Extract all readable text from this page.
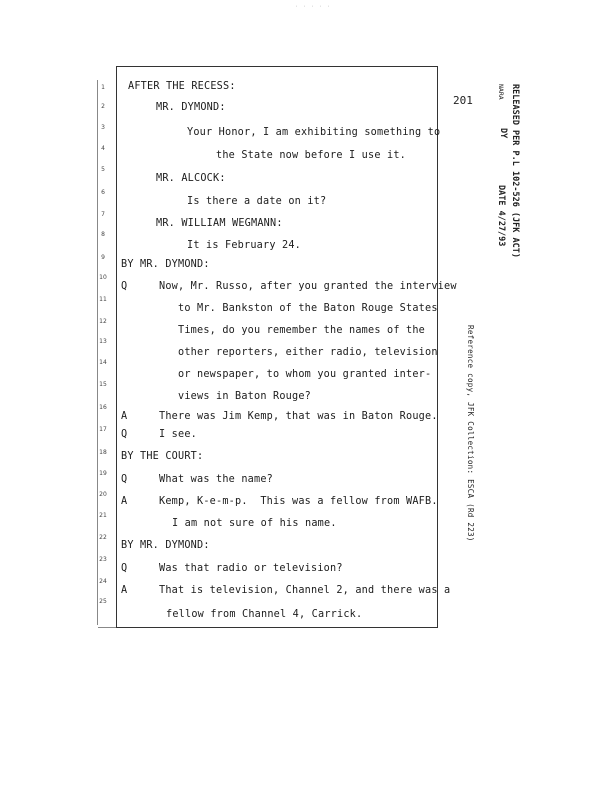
· · · · ·
201
1
2
3
4
5
6
7
8
9
10
11
12
13
14
15
16
17
18
19
20
21
22
23
24
25
AFTER THE RECESS:
MR. DYMOND:
Your Honor, I am exhibiting something to
the State now before I use it.
MR. ALCOCK:
Is there a date on it?
MR. WILLIAM WEGMANN:
It is February 24.
BY MR. DYMOND:
Q     Now, Mr. Russo, after you granted the interview
to Mr. Bankston of the Baton Rouge States
Times, do you remember the names of the
other reporters, either radio, television
or newspaper, to whom you granted inter-
views in Baton Rouge?
A     There was Jim Kemp, that was in Baton Rouge.
Q     I see.
BY THE COURT:
Q     What was the name?
A     Kemp, K-e-m-p.  This was a fellow from WAFB.
I am not sure of his name.
BY MR. DYMOND:
Q     Was that radio or television?
A     That is television, Channel 2, and there was a
fellow from Channel 4, Carrick.
RELEASED PER P.L 102-526 (JFK ACT)
NARA
DY
DATE 4/27/93
Reference copy, JFK Collection: ESCA (Rd 223)
